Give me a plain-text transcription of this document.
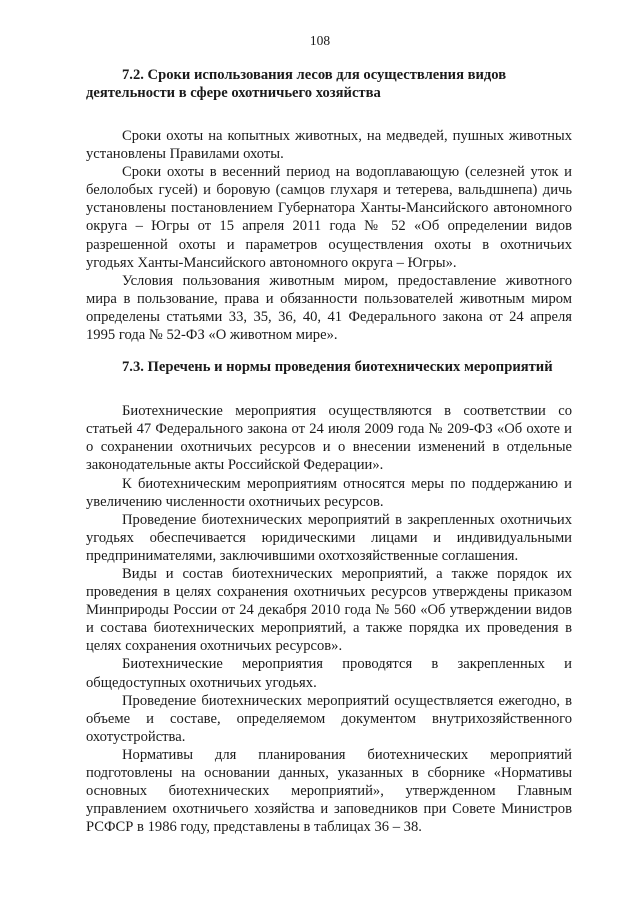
108
7.2. Сроки использования лесов для осуществления видов деятельности в сфере охотничьего хозяйства

Сроки охоты на копытных животных, на медведей, пушных животных установлены Правилами охоты.

Сроки охоты в весенний период на водоплавающую (селезней уток и белолобых гусей) и боровую (самцов глухаря и тетерева, вальдшнепа) дичь установлены постановлением Губернатора Ханты-Мансийского автономного округа – Югры от 15 апреля 2011 года № 52 «Об определении видов разрешенной охоты и параметров осуществления охоты в охотничьих угодьях Ханты-Мансийского автономного округа – Югры».

Условия пользования животным миром, предоставление животного мира в пользование, права и обязанности пользователей животным миром определены статьями 33, 35, 36, 40, 41 Федерального закона от 24 апреля 1995 года № 52-ФЗ «О животном мире».

7.3. Перечень и нормы проведения биотехнических мероприятий

Биотехнические мероприятия осуществляются в соответствии со статьей 47 Федерального закона от 24 июля 2009 года № 209-ФЗ «Об охоте и о сохранении охотничьих ресурсов и о внесении изменений в отдельные законодательные акты Российской Федерации».

К биотехническим мероприятиям относятся меры по поддержанию и увеличению численности охотничьих ресурсов.

Проведение биотехнических мероприятий в закрепленных охотничьих угодьях обеспечивается юридическими лицами и индивидуальными предпринимателями, заключившими охотхозяйственные соглашения.

Виды и состав биотехнических мероприятий, а также порядок их проведения в целях сохранения охотничьих ресурсов утверждены приказом Минприроды России от 24 декабря 2010 года № 560 «Об утверждении видов и состава биотехнических мероприятий, а также порядка их проведения в целях сохранения охотничьих ресурсов».

Биотехнические мероприятия проводятся в закрепленных и общедоступных охотничьих угодьях.

Проведение биотехнических мероприятий осуществляется ежегодно, в объеме и составе, определяемом документом внутрихозяйственного охотустройства.

Нормативы для планирования биотехнических мероприятий подготовлены на основании данных, указанных в сборнике «Нормативы основных биотехнических мероприятий», утвержденном Главным управлением охотничьего хозяйства и заповедников при Совете Министров РСФСР в 1986 году, представлены в таблицах 36 – 38.
